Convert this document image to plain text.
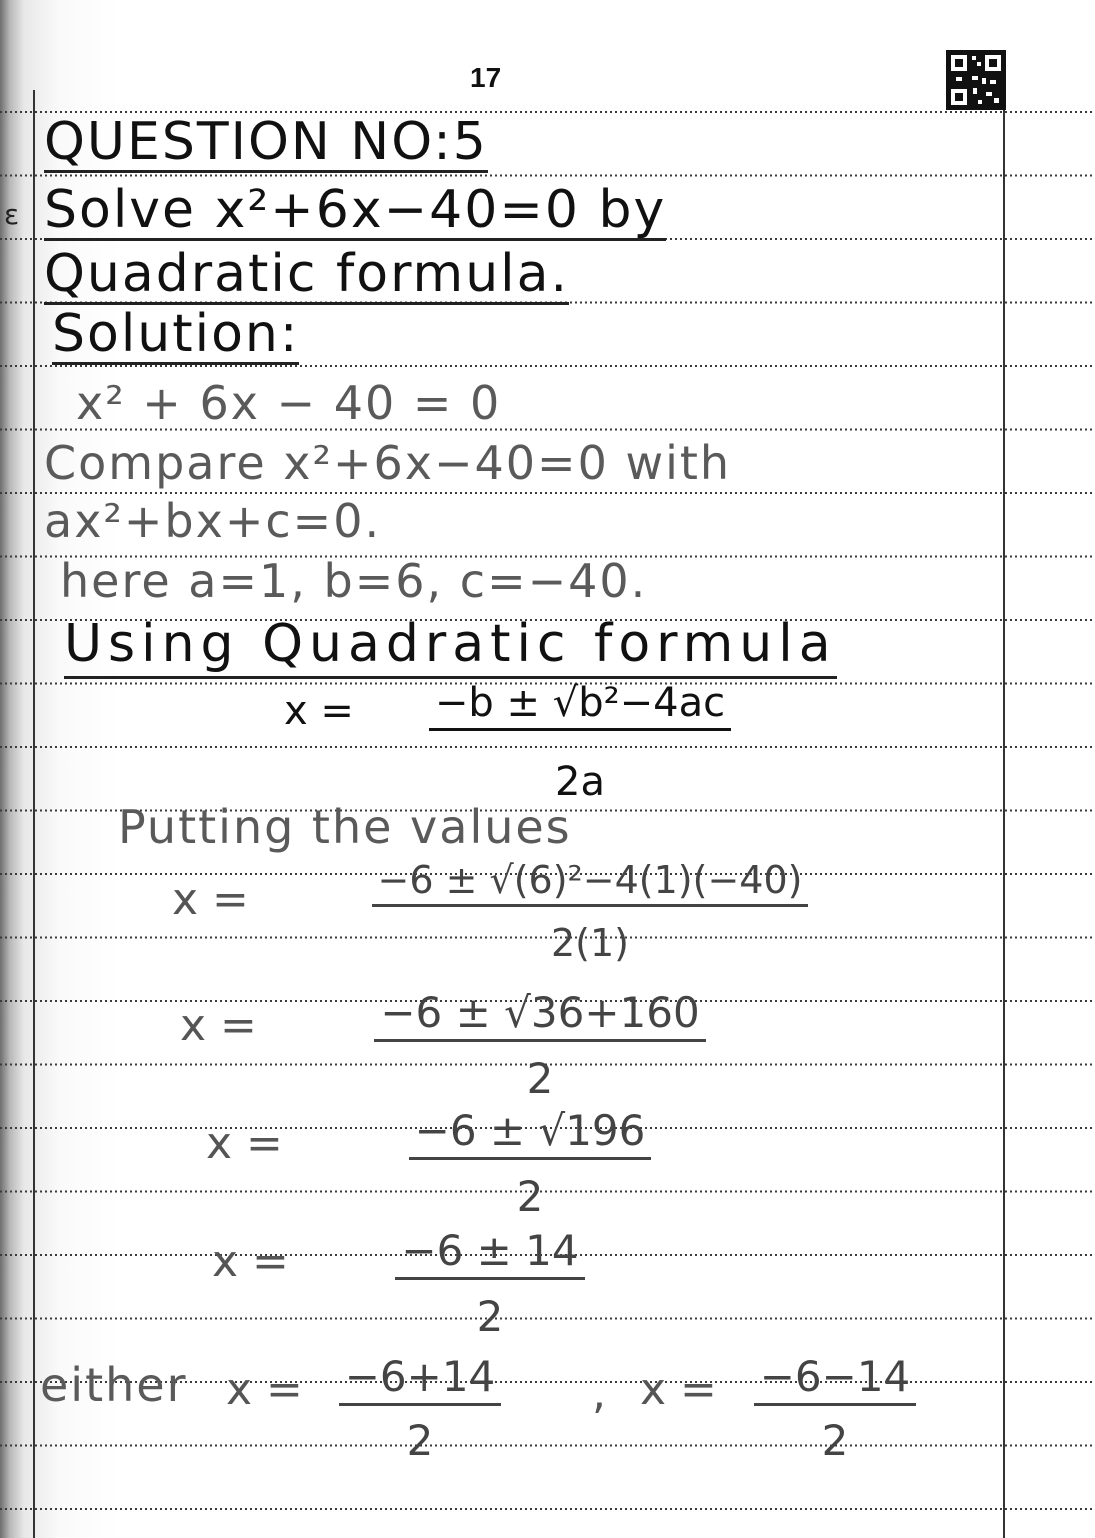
17
ɛ
QUESTION NO:5
Solve x²+6x−40=0 by
Quadratic formula.
Solution:
x² + 6x − 40 = 0
Compare x²+6x−40=0 with
ax²+bx+c=0.
here a=1, b=6, c=−40.
Using Quadratic formula
$x = \frac{\text{−b ± √b²−4ac}}{2a}$
Putting the values
$x = \frac{\text{−6 ± √(6)²−4(1)(−40)}}{2(1)}$
$x = \frac{-6 \pm √36+160}{2}$
$x = \frac{-6 \pm √196}{2}$
$x = \frac{-6 \pm 14}{2}$
either $x = \frac{-6+14}{2}$ , $x = \frac{-6-14}{2}$
